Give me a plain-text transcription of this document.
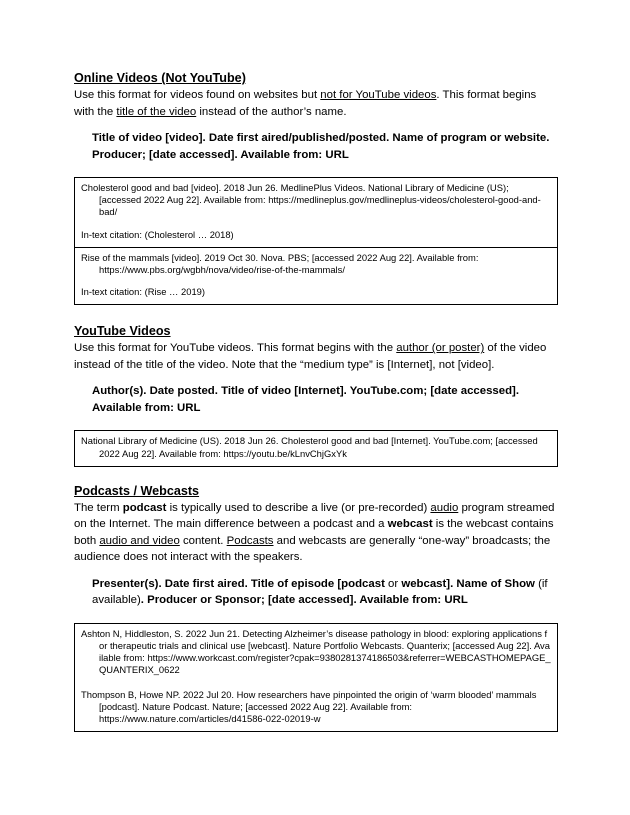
Online Videos (Not YouTube)

Use this format for videos found on websites but not for YouTube videos. This format begins with the title of the video instead of the author’s name.

Title of video [video]. Date first aired/published/posted. Name of program or website. Producer; [date accessed]. Available from: URL
Cholesterol good and bad [video]. 2018 Jun 26. MedlinePlus Videos. National Library of Medicine (US); [accessed 2022 Aug 22]. Available from: https://medlineplus.gov/medlineplus-videos/cholesterol-good-and-bad/
In-text citation: (Cholesterol … 2018)
Rise of the mammals [video]. 2019 Oct 30. Nova. PBS; [accessed 2022 Aug 22]. Available from: https://www.pbs.org/wgbh/nova/video/rise-of-the-mammals/
In-text citation: (Rise … 2019)
YouTube Videos

Use this format for YouTube videos. This format begins with the author (or poster) of the video instead of the title of the video. Note that the “medium type” is [Internet], not [video].

Author(s). Date posted. Title of video [Internet]. YouTube.com; [date accessed]. Available from: URL
National Library of Medicine (US). 2018 Jun 26. Cholesterol good and bad [Internet]. YouTube.com; [accessed 2022 Aug 22]. Available from: https://youtu.be/kLnvChjGxYk
Podcasts / Webcasts

The term podcast is typically used to describe a live (or pre-recorded) audio program streamed on the Internet. The main difference between a podcast and a webcast is the webcast contains both audio and video content. Podcasts and webcasts are generally “one-way” broadcasts; the audience does not interact with the speakers.

Presenter(s). Date first aired. Title of episode [podcast or webcast]. Name of Show (if available). Producer or Sponsor; [date accessed]. Available from: URL
Ashton N, Hiddleston, S. 2022 Jun 21. Detecting Alzheimer’s disease pathology in blood: exploring applications for therapeutic trials and clinical use [webcast]. Nature Portfolio Webcasts. Quanterix; [accessed Aug 22]. Available from: https://www.workcast.com/register?cpak=9380281374186503&referrer=WEBCASTHOMEPAGE_QUANTERIX_0622
Thompson B, Howe NP. 2022 Jul 20. How researchers have pinpointed the origin of ‘warm blooded’ mammals [podcast]. Nature Podcast. Nature; [accessed 2022 Aug 22]. Available from: https://www.nature.com/articles/d41586-022-02019-w
